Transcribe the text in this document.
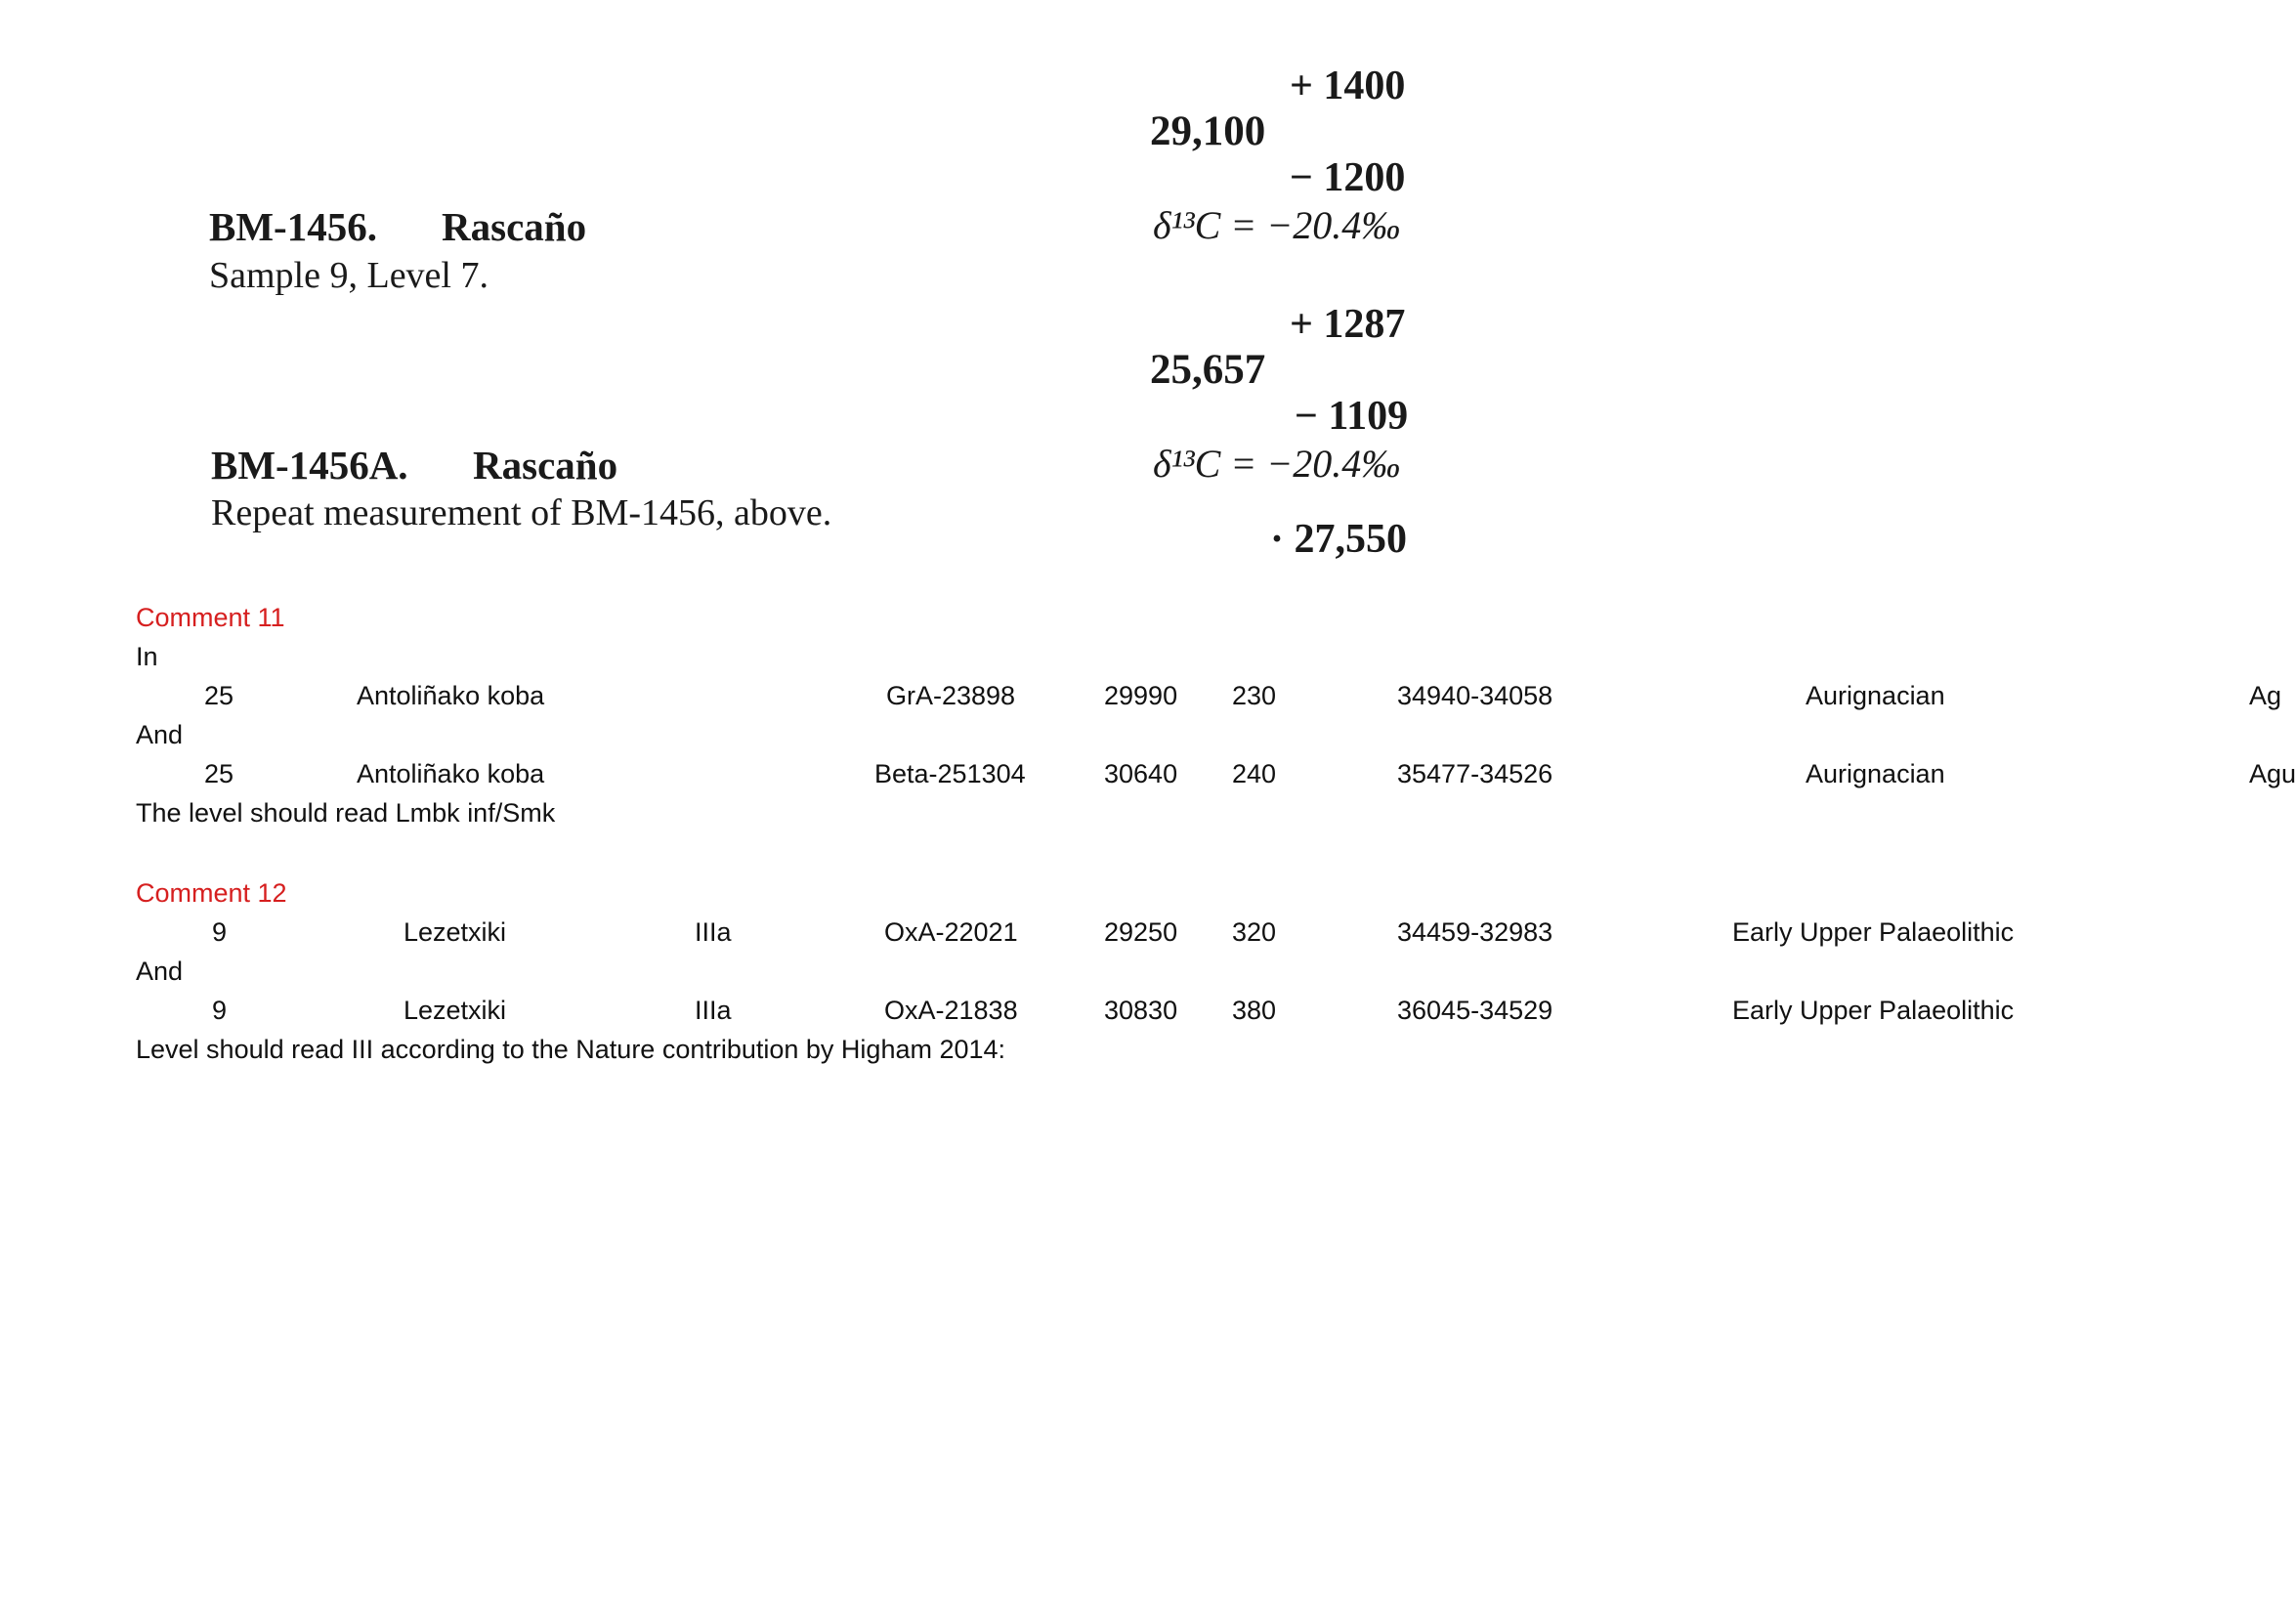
+ 1400
29,100
− 1200
BM-1456. Rascaño	δ¹³C = −20.4‰
Sample 9, Level 7.
+ 1287
25,657
− 1109
BM-1456A. Rascaño	δ¹³C = −20.4‰
Repeat measurement of BM-1456, above.
· 27,550
Comment 11
In
25	Antoliñako koba	GrA-23898	29990 230	34940-34058	Aurignacian	Ag
And
25	Antoliñako koba	Beta-251304	30640 240	35477-34526	Aurignacian	Agu
The level should read Lmbk inf/Smk
Comment 12
9	Lezetxiki	IIIa	OxA-22021	29250 320	34459-32983	Early Upper Palaeolithic
And
9	Lezetxiki	IIIa	OxA-21838	30830 380	36045-34529	Early Upper Palaeolithic
Level should read III according to the Nature contribution by Higham 2014:
